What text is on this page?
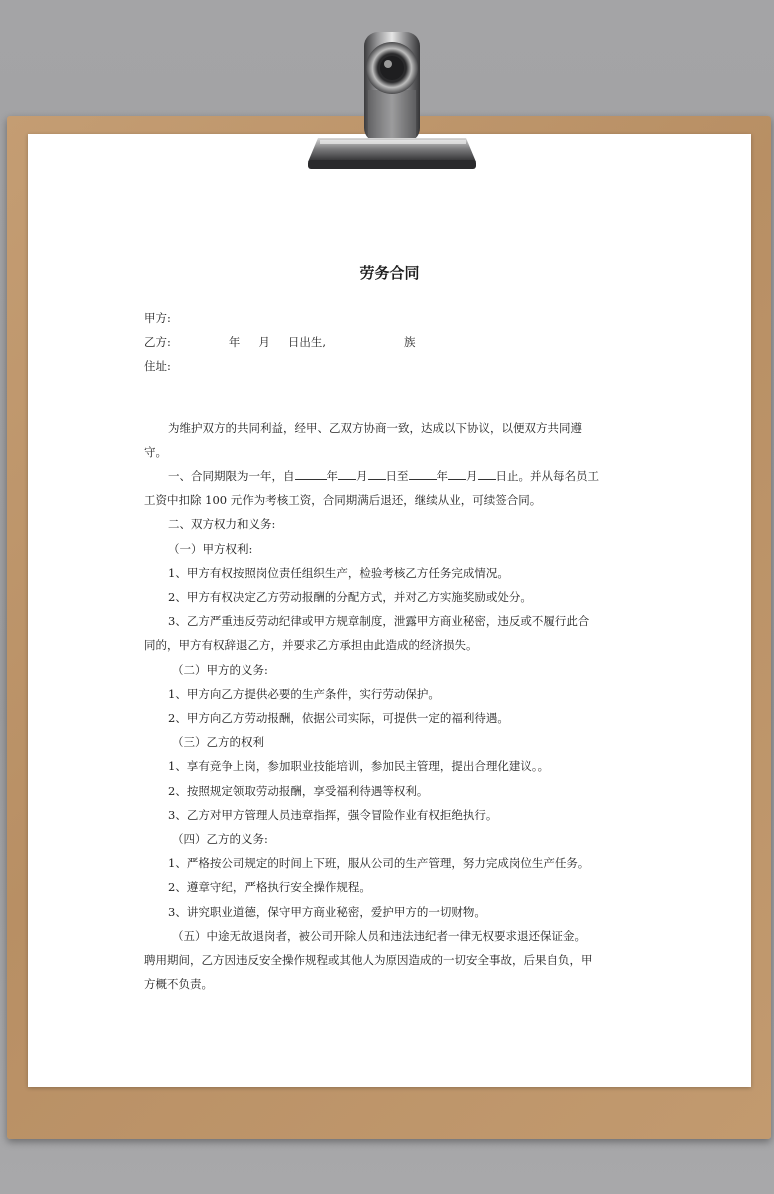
劳务合同
甲方:
乙方:	年 月 日出生,	族
住址:
为维护双方的共同利益，经甲、乙双方协商一致，达成以下协议，以便双方共同遵
守。
一、合同期限为一年，自	年 月 日至 年 月 日止。并从每名员工
工资中扣除 100 元作为考核工资，合同期满后退还，继续从业，可续签合同。
二、双方权力和义务:
（一）甲方权利:
1、甲方有权按照岗位责任组织生产，检验考核乙方任务完成情况。
2、甲方有权决定乙方劳动报酬的分配方式，并对乙方实施奖励或处分。
3、乙方严重违反劳动纪律或甲方规章制度，泄露甲方商业秘密，违反或不履行此合
同的，甲方有权辞退乙方，并要求乙方承担由此造成的经济损失。
（二）甲方的义务:
1、甲方向乙方提供必要的生产条件，实行劳动保护。
2、甲方向乙方劳动报酬，依据公司实际，可提供一定的福利待遇。
（三）乙方的权利
1、享有竞争上岗，参加职业技能培训，参加民主管理，提出合理化建议。。
2、按照规定领取劳动报酬，享受福利待遇等权利。
3、乙方对甲方管理人员违章指挥，强令冒险作业有权拒绝执行。
（四）乙方的义务:
1、严格按公司规定的时间上下班，服从公司的生产管理，努力完成岗位生产任务。
2、遵章守纪，严格执行安全操作规程。
3、讲究职业道德，保守甲方商业秘密，爱护甲方的一切财物。
（五）中途无故退岗者，被公司开除人员和违法违纪者一律无权要求退还保证金。
聘用期间，乙方因违反安全操作规程或其他人为原因造成的一切安全事故，后果自负，甲
方概不负责。
